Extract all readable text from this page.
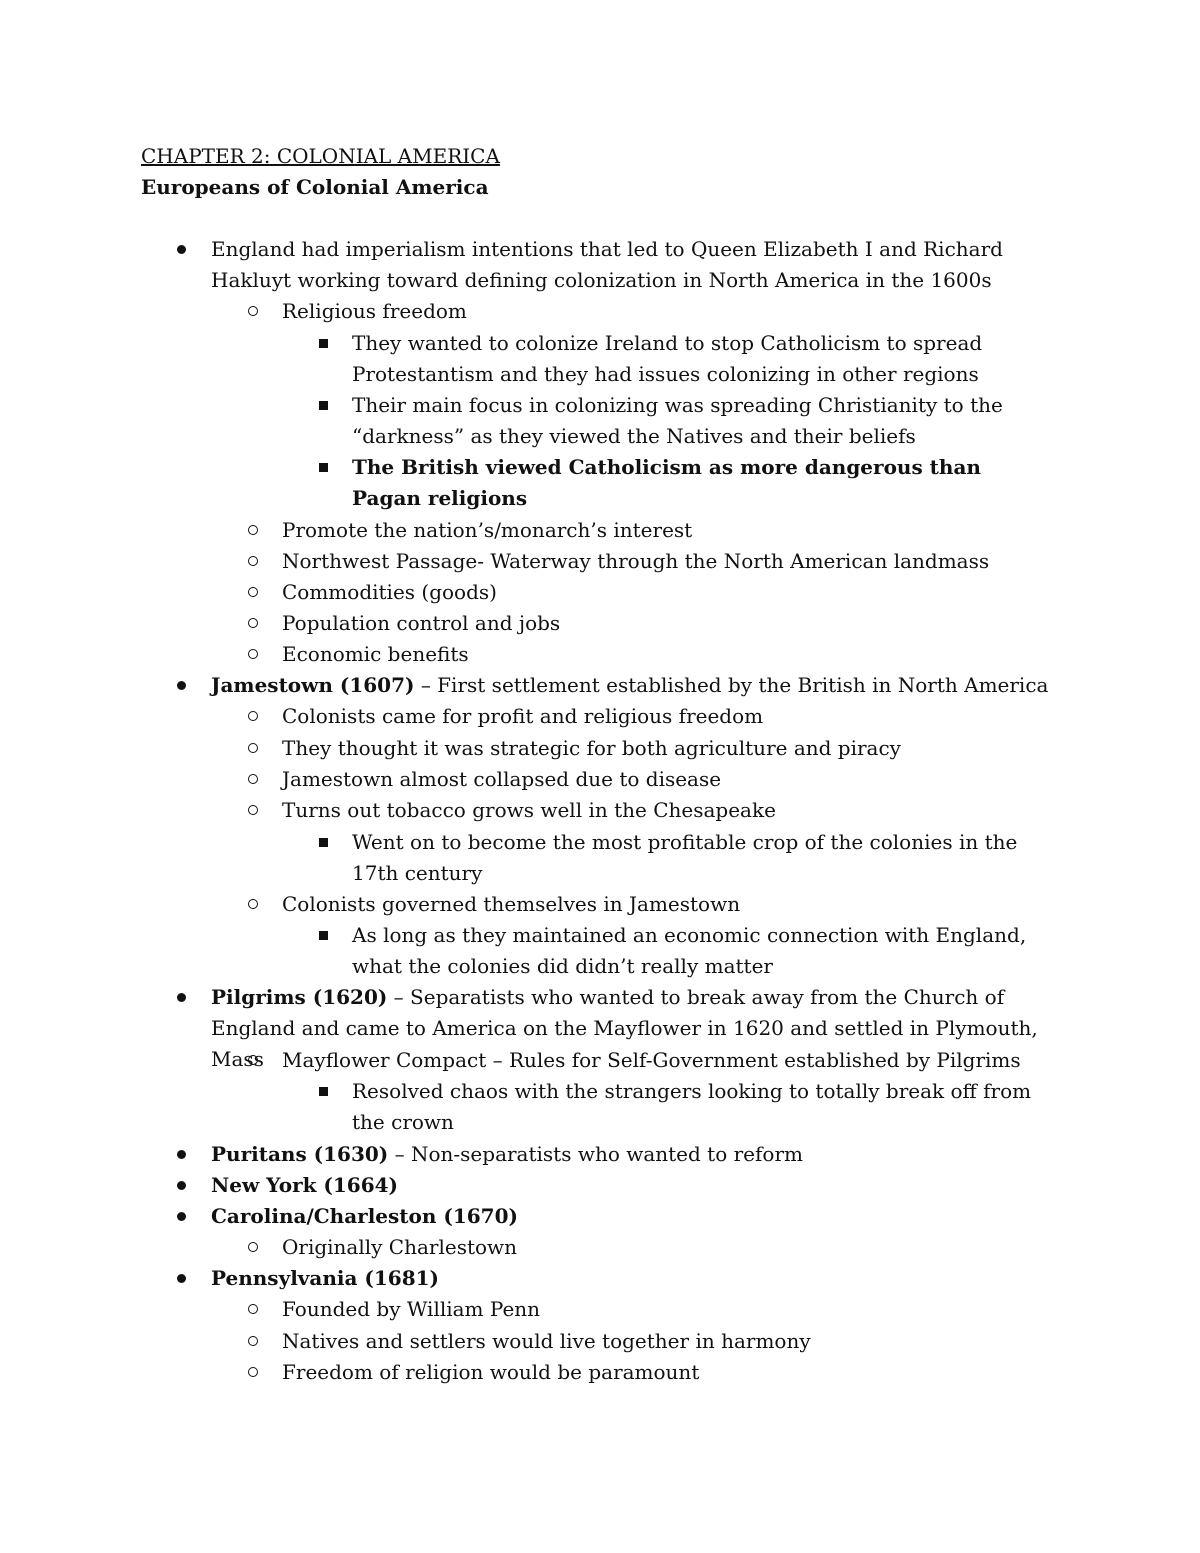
CHAPTER 2: COLONIAL AMERICA
Europeans of Colonial America
England had imperialism intentions that led to Queen Elizabeth I and Richard Hakluyt working toward defining colonization in North America in the 1600s
Religious freedom
They wanted to colonize Ireland to stop Catholicism to spread Protestantism and they had issues colonizing in other regions
Their main focus in colonizing was spreading Christianity to the “darkness” as they viewed the Natives and their beliefs
The British viewed Catholicism as more dangerous than Pagan religions
Promote the nation’s/monarch’s interest
Northwest Passage- Waterway through the North American landmass
Commodities (goods)
Population control and jobs
Economic benefits
Jamestown (1607) – First settlement established by the British in North America
Colonists came for profit and religious freedom
They thought it was strategic for both agriculture and piracy
Jamestown almost collapsed due to disease
Turns out tobacco grows well in the Chesapeake
Went on to become the most profitable crop of the colonies in the 17th century
Colonists governed themselves in Jamestown
As long as they maintained an economic connection with England, what the colonies did didn’t really matter
Pilgrims (1620) – Separatists who wanted to break away from the Church of England and came to America on the Mayflower in 1620 and settled in Plymouth, Mass Mayflower Compact – Rules for Self-Government established by Pilgrims
Resolved chaos with the strangers looking to totally break off from the crown
Puritans (1630) – Non-separatists who wanted to reform
New York (1664)
Carolina/Charleston (1670)
Originally Charlestown
Pennsylvania (1681)
Founded by William Penn
Natives and settlers would live together in harmony
Freedom of religion would be paramount
